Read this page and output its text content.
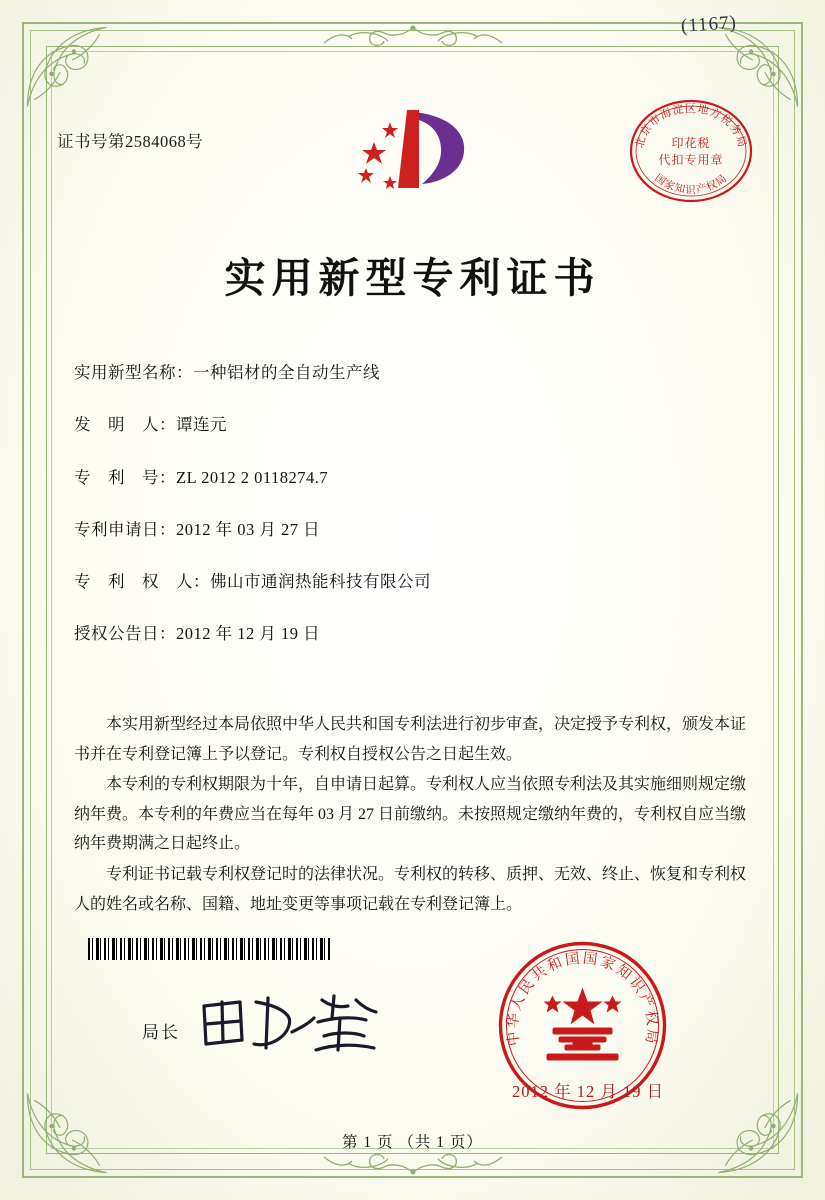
(1167)
证书号第2584068号	北京市海淀区地方税务局
国家知识产权局
印花税
代扣专用章
实用新型专利证书
实用新型名称：一种铝材的全自动生产线
发　明　人：谭连元
专　利　号：ZL 2012 2 0118274.7
专利申请日：2012 年 03 月 27 日
专　利　权　人：佛山市通润热能科技有限公司
授权公告日：2012 年 12 月 19 日

本实用新型经过本局依照中华人民共和国专利法进行初步审查，决定授予专利权，颁发本证书并在专利登记簿上予以登记。专利权自授权公告之日起生效。

本专利的专利权期限为十年，自申请日起算。专利权人应当依照专利法及其实施细则规定缴纳年费。本专利的年费应当在每年 03 月 27 日前缴纳。未按照规定缴纳年费的，专利权自应当缴纳年费期满之日起终止。

专利证书记载专利权登记时的法律状况。专利权的转移、质押、无效、终止、恢复和专利权人的姓名或名称、国籍、地址变更等事项记载在专利登记簿上。

局长	中华人民共和国国家知识产权局
2012 年 12 月 19 日
第 1 页 （共 1 页）
